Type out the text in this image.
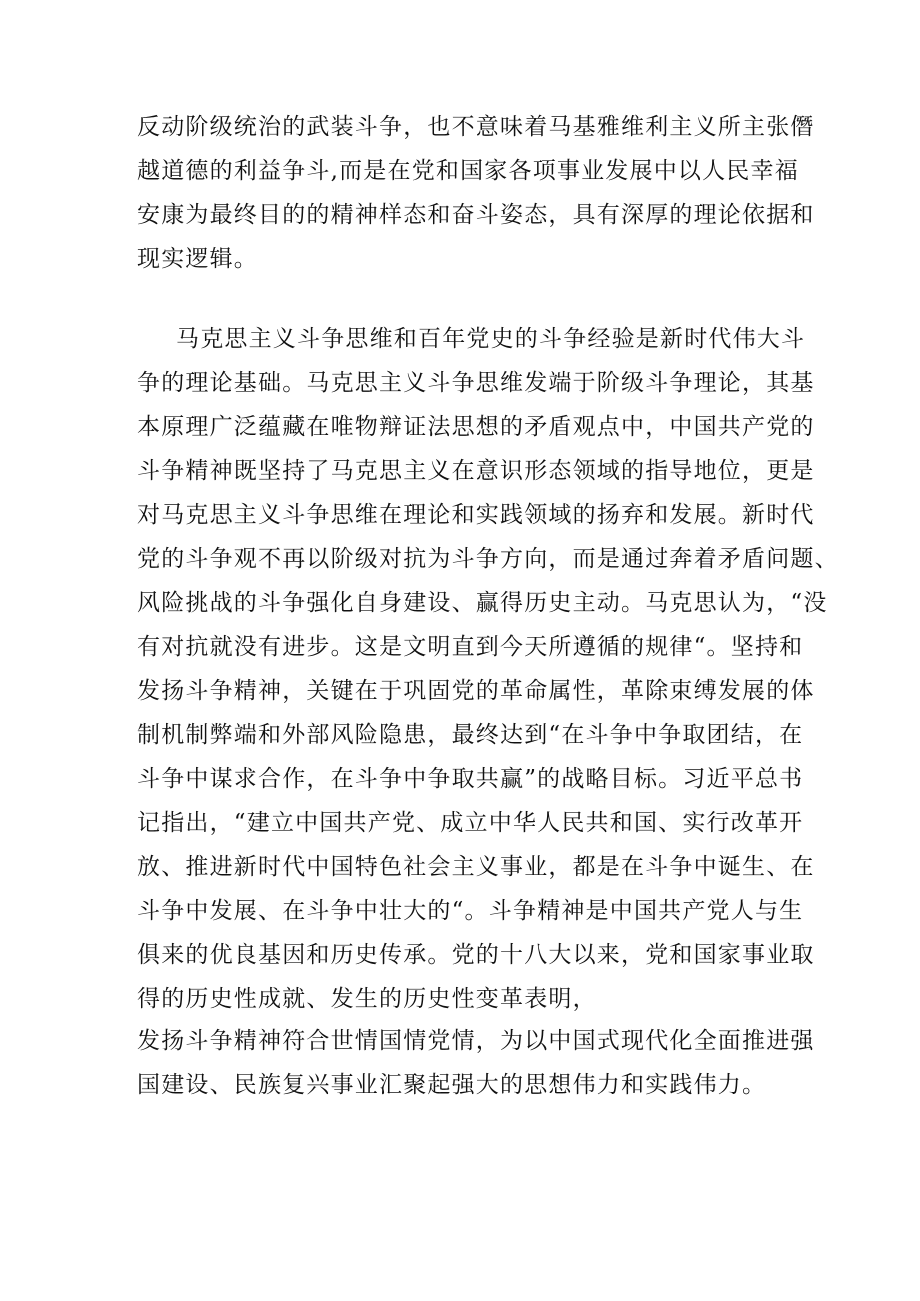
反动阶级统治的武装斗争，也不意味着马基雅维利主义所主张僭
越道德的利益争斗,而是在党和国家各项事业发展中以人民幸福
安康为最终目的的精神样态和奋斗姿态，具有深厚的理论依据和
现实逻辑。
马克思主义斗争思维和百年党史的斗争经验是新时代伟大斗
争的理论基础。马克思主义斗争思维发端于阶级斗争理论，其基
本原理广泛蕴藏在唯物辩证法思想的矛盾观点中，中国共产党的
斗争精神既坚持了马克思主义在意识形态领域的指导地位，更是
对马克思主义斗争思维在理论和实践领域的扬弃和发展。新时代
党的斗争观不再以阶级对抗为斗争方向，而是通过奔着矛盾问题、
风险挑战的斗争强化自身建设、赢得历史主动。马克思认为，“没
有对抗就没有进步。这是文明直到今天所遵循的规律“。坚持和
发扬斗争精神，关键在于巩固党的革命属性，革除束缚发展的体
制机制弊端和外部风险隐患，最终达到“在斗争中争取团结，在
斗争中谋求合作，在斗争中争取共赢”的战略目标。习近平总书
记指出，“建立中国共产党、成立中华人民共和国、实行改革开
放、推进新时代中国特色社会主义事业，都是在斗争中诞生、在
斗争中发展、在斗争中壮大的“。斗争精神是中国共产党人与生
俱来的优良基因和历史传承。党的十八大以来，党和国家事业取
得的历史性成就、发生的历史性变革表明，
发扬斗争精神符合世情国情党情，为以中国式现代化全面推进强
国建设、民族复兴事业汇聚起强大的思想伟力和实践伟力。
